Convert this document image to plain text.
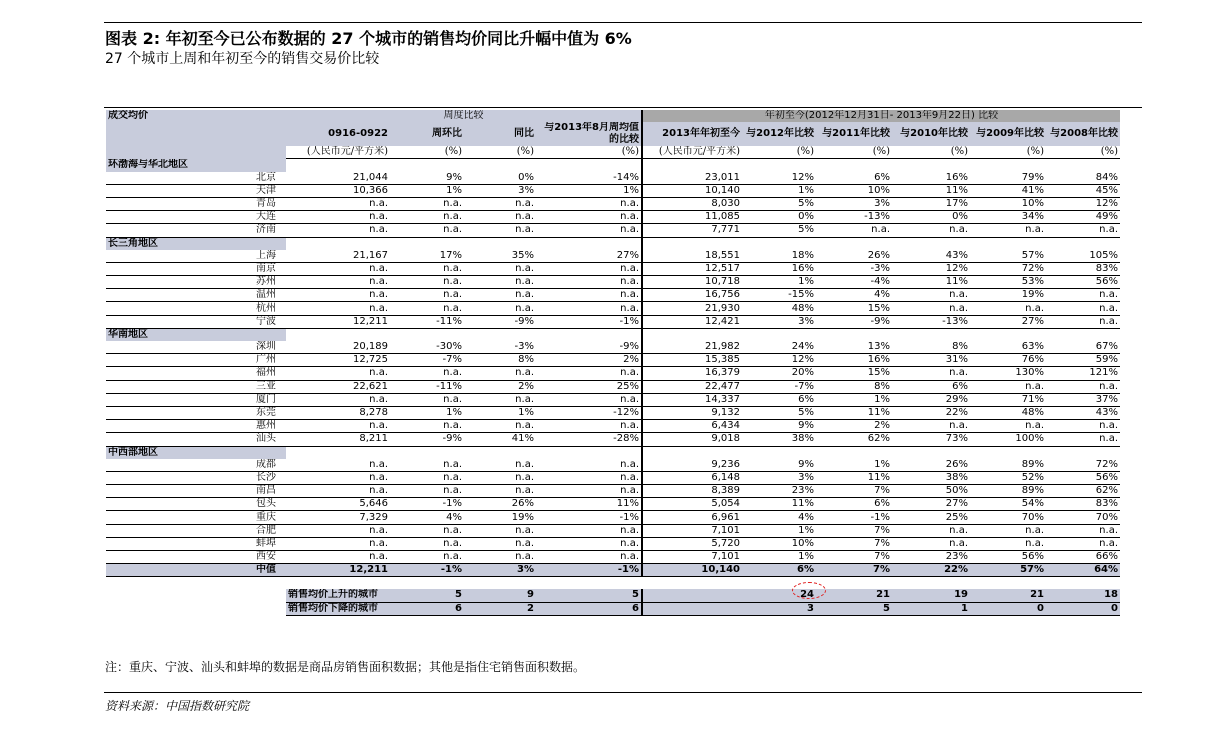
图表 2: 年初至今已公布数据的 27 个城市的销售均价同比升幅中值为 6%
27 个城市上周和年初至今的销售交易价比较
成交均价	周度比较				年初至今(2012年12月31日- 2013年9月22日) 比较					
	0916-0922	周环比	同比	与2013年8月周均值的比较	2013年年初至今	与2012年比较	与2011年比较	与2010年比较	与2009年比较	与2008年比较
	(人民币元/平方米)	(%)	(%)	(%)	(人民币元/平方米)	(%)	(%)	(%)	(%)	(%)
环渤海与华北地区										
北京	21,044	9%	0%	-14%	23,011	12%	6%	16%	79%	84%
天津	10,366	1%	3%	1%	10,140	1%	10%	11%	41%	45%
青岛	n.a.	n.a.	n.a.	n.a.	8,030	5%	3%	17%	10%	12%
大连	n.a.	n.a.	n.a.	n.a.	11,085	0%	-13%	0%	34%	49%
济南	n.a.	n.a.	n.a.	n.a.	7,771	5%	n.a.	n.a.	n.a.	n.a.
长三角地区										
上海	21,167	17%	35%	27%	18,551	18%	26%	43%	57%	105%
南京	n.a.	n.a.	n.a.	n.a.	12,517	16%	-3%	12%	72%	83%
苏州	n.a.	n.a.	n.a.	n.a.	10,718	1%	-4%	11%	53%	56%
温州	n.a.	n.a.	n.a.	n.a.	16,756	-15%	4%	n.a.	19%	n.a.
杭州	n.a.	n.a.	n.a.	n.a.	21,930	48%	15%	n.a.	n.a.	n.a.
宁波	12,211	-11%	-9%	-1%	12,421	3%	-9%	-13%	27%	n.a.
华南地区										
深圳	20,189	-30%	-3%	-9%	21,982	24%	13%	8%	63%	67%
广州	12,725	-7%	8%	2%	15,385	12%	16%	31%	76%	59%
福州	n.a.	n.a.	n.a.	n.a.	16,379	20%	15%	n.a.	130%	121%
三亚	22,621	-11%	2%	25%	22,477	-7%	8%	6%	n.a.	n.a.
厦门	n.a.	n.a.	n.a.	n.a.	14,337	6%	1%	29%	71%	37%
东莞	8,278	1%	1%	-12%	9,132	5%	11%	22%	48%	43%
惠州	n.a.	n.a.	n.a.	n.a.	6,434	9%	2%	n.a.	n.a.	n.a.
汕头	8,211	-9%	41%	-28%	9,018	38%	62%	73%	100%	n.a.
中西部地区										
成都	n.a.	n.a.	n.a.	n.a.	9,236	9%	1%	26%	89%	72%
长沙	n.a.	n.a.	n.a.	n.a.	6,148	3%	11%	38%	52%	56%
南昌	n.a.	n.a.	n.a.	n.a.	8,389	23%	7%	50%	89%	62%
包头	5,646	-1%	26%	11%	5,054	11%	6%	27%	54%	83%
重庆	7,329	4%	19%	-1%	6,961	4%	-1%	25%	70%	70%
合肥	n.a.	n.a.	n.a.	n.a.	7,101	1%	7%	n.a.	n.a.	n.a.
蚌埠	n.a.	n.a.	n.a.	n.a.	5,720	10%	7%	n.a.	n.a.	n.a.
西安	n.a.	n.a.	n.a.	n.a.	7,101	1%	7%	23%	56%	66%
中值	12,211	-1%	3%	-1%	10,140	6%	7%	22%	57%	64%

	销售均价上升的城市	5	9	5		24	21	19	21	18
	销售均价下降的城市	6	2	6		3	5	1	0	0
注：重庆、宁波、汕头和蚌埠的数据是商品房销售面积数据；其他是指住宅销售面积数据。
资料来源：中国指数研究院
